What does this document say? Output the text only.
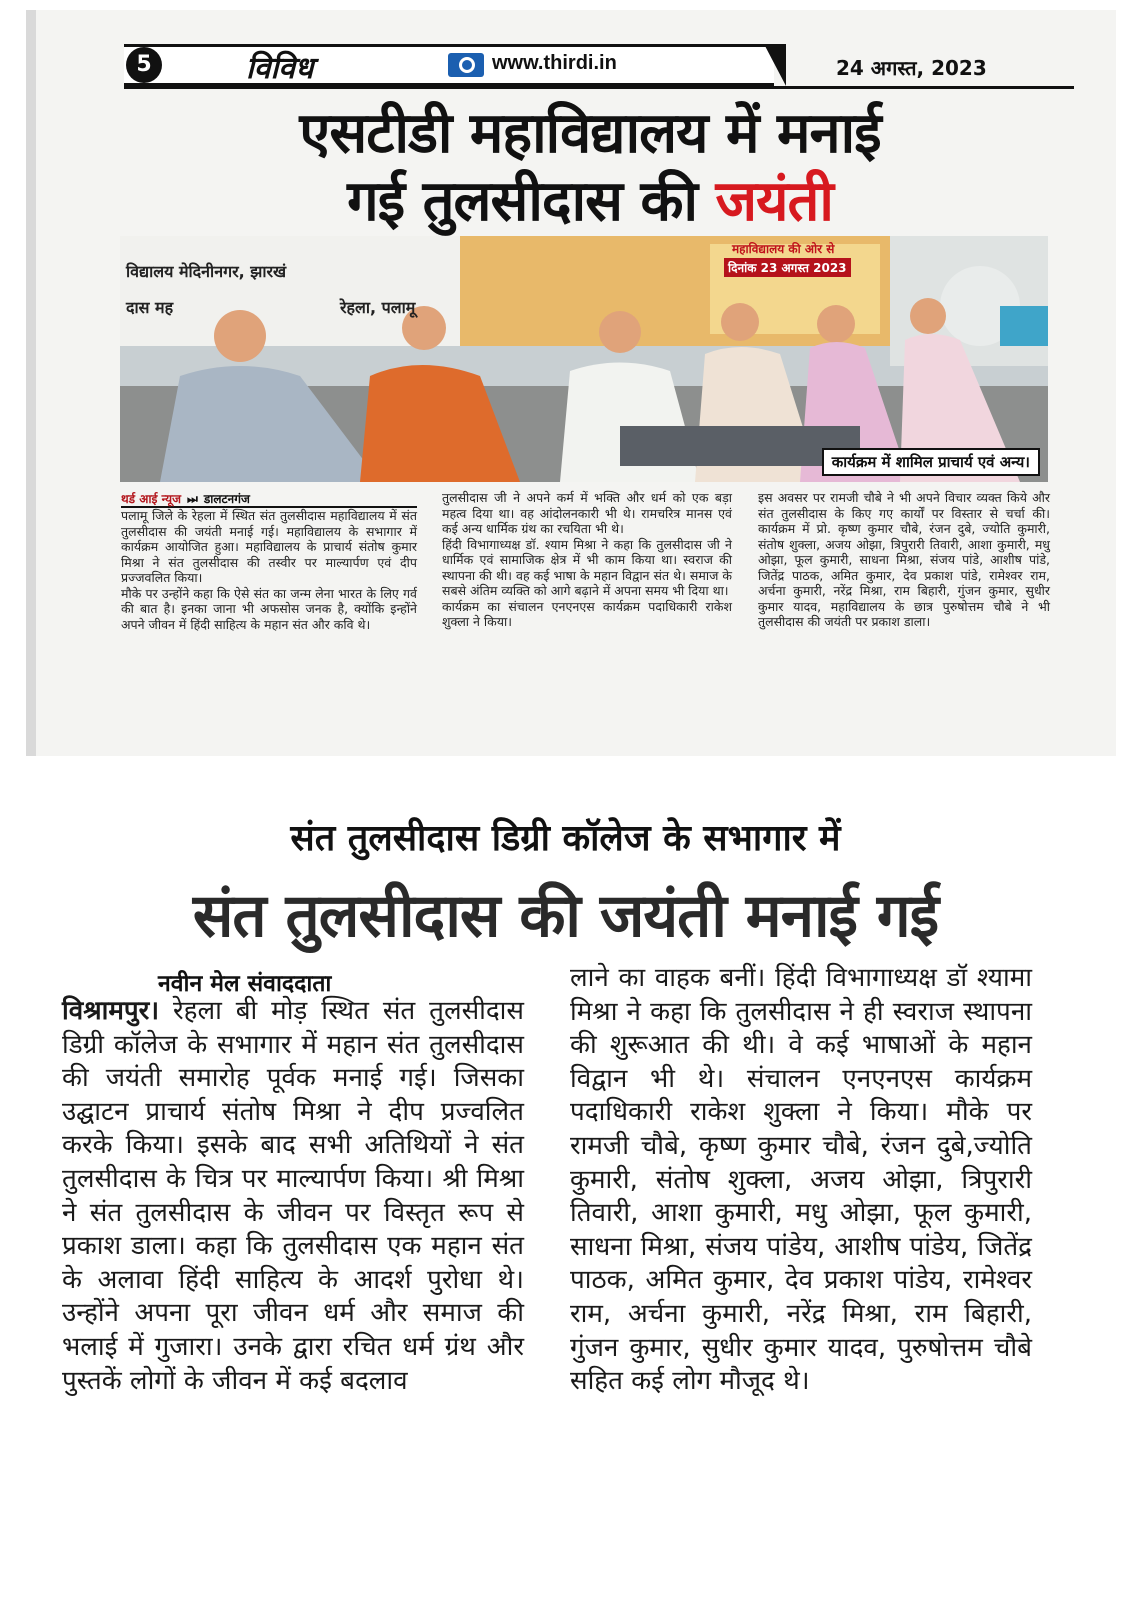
5	विविध	www.thirdi.in	24 अगस्त, 2023
एसटीडी महाविद्यालय में मनाई
गई तुलसीदास की जयंती
विद्यालय मेदिनीनगर, झारखं
दास मह	रेहला, पलामू
महाविद्यालय की ओर से
दिनांक 23 अगस्त 2023
कार्यक्रम में शामिल प्राचार्य एवं अन्य।
थर्ड आई न्यूज ⏭ डालटनगंज

पलामू जिले के रेहला में स्थित संत तुलसीदास महाविद्यालय में संत तुलसीदास की जयंती मनाई गई। महाविद्यालय के सभागार में कार्यक्रम आयोजित हुआ। महाविद्यालय के प्राचार्य संतोष कुमार मिश्रा ने संत तुलसीदास की तस्वीर पर माल्यार्पण एवं दीप प्रज्जवलित किया।

मौके पर उन्होंने कहा कि ऐसे संत का जन्म लेना भारत के लिए गर्व की बात है। इनका जाना भी अफसोस जनक है, क्योंकि इन्होंने अपने जीवन में हिंदी साहित्य के महान संत और कवि थे।

तुलसीदास जी ने अपने कर्म में भक्ति और धर्म को एक बड़ा महत्व दिया था। वह आंदोलनकारी भी थे। रामचरित्र मानस एवं कई अन्य धार्मिक ग्रंथ का रचयिता भी थे।

हिंदी विभागाध्यक्ष डॉ. श्याम मिश्रा ने कहा कि तुलसीदास जी ने धार्मिक एवं सामाजिक क्षेत्र में भी काम किया था। स्वराज की स्थापना की थी। वह कई भाषा के महान विद्वान संत थे। समाज के सबसे अंतिम व्यक्ति को आगे बढ़ाने में अपना समय भी दिया था।

कार्यक्रम का संचालन एनएनएस कार्यक्रम पदाधिकारी राकेश शुक्ला ने किया।

इस अवसर पर रामजी चौबे ने भी अपने विचार व्यक्त किये और संत तुलसीदास के किए गए कार्यों पर विस्तार से चर्चा की। कार्यक्रम में प्रो. कृष्ण कुमार चौबे, रंजन दुबे, ज्योति कुमारी, संतोष शुक्ला, अजय ओझा, त्रिपुरारी तिवारी, आशा कुमारी, मधु ओझा, फूल कुमारी, साधना मिश्रा, संजय पांडे, आशीष पांडे, जितेंद्र पाठक, अमित कुमार, देव प्रकाश पांडे, रामेश्वर राम, अर्चना कुमारी, नरेंद्र मिश्रा, राम बिहारी, गुंजन कुमार, सुधीर कुमार यादव, महाविद्यालय के छात्र पुरुषोत्तम चौबे ने भी तुलसीदास की जयंती पर प्रकाश डाला।

संत तुलसीदास डिग्री कॉलेज के सभागार में
संत तुलसीदास की जयंती मनाई गई
नवीन मेल संवाददाता

विश्रामपुर। रेहला बी मोड़ स्थित संत तुलसीदास डिग्री कॉलेज के सभागार में महान संत तुलसीदास की जयंती समारोह पूर्वक मनाई गई। जिसका उद्घाटन प्राचार्य संतोष मिश्रा ने दीप प्रज्वलित करके किया। इसके बाद सभी अतिथियों ने संत तुलसीदास के चित्र पर माल्यार्पण किया। श्री मिश्रा ने संत तुलसीदास के जीवन पर विस्तृत रूप से प्रकाश डाला। कहा कि तुलसीदास एक महान संत के अलावा हिंदी साहित्य के आदर्श पुरोधा थे। उन्होंने अपना पूरा जीवन धर्म और समाज की भलाई में गुजारा। उनके द्वारा रचित धर्म ग्रंथ और पुस्तकें लोगों के जीवन में कई बदलाव

लाने का वाहक बनीं। हिंदी विभागाध्यक्ष डॉ श्यामा मिश्रा ने कहा कि तुलसीदास ने ही स्वराज स्थापना की शुरूआत की थी। वे कई भाषाओं के महान विद्वान भी थे। संचालन एनएनएस कार्यक्रम पदाधिकारी राकेश शुक्ला ने किया। मौके पर रामजी चौबे, कृष्ण कुमार चौबे, रंजन दुबे,ज्योति कुमारी, संतोष शुक्ला, अजय ओझा, त्रिपुरारी तिवारी, आशा कुमारी, मधु ओझा, फूल कुमारी, साधना मिश्रा, संजय पांडेय, आशीष पांडेय, जितेंद्र पाठक, अमित कुमार, देव प्रकाश पांडेय, रामेश्वर राम, अर्चना कुमारी, नरेंद्र मिश्रा, राम बिहारी, गुंजन कुमार, सुधीर कुमार यादव, पुरुषोत्तम चौबे सहित कई लोग मौजूद थे।
